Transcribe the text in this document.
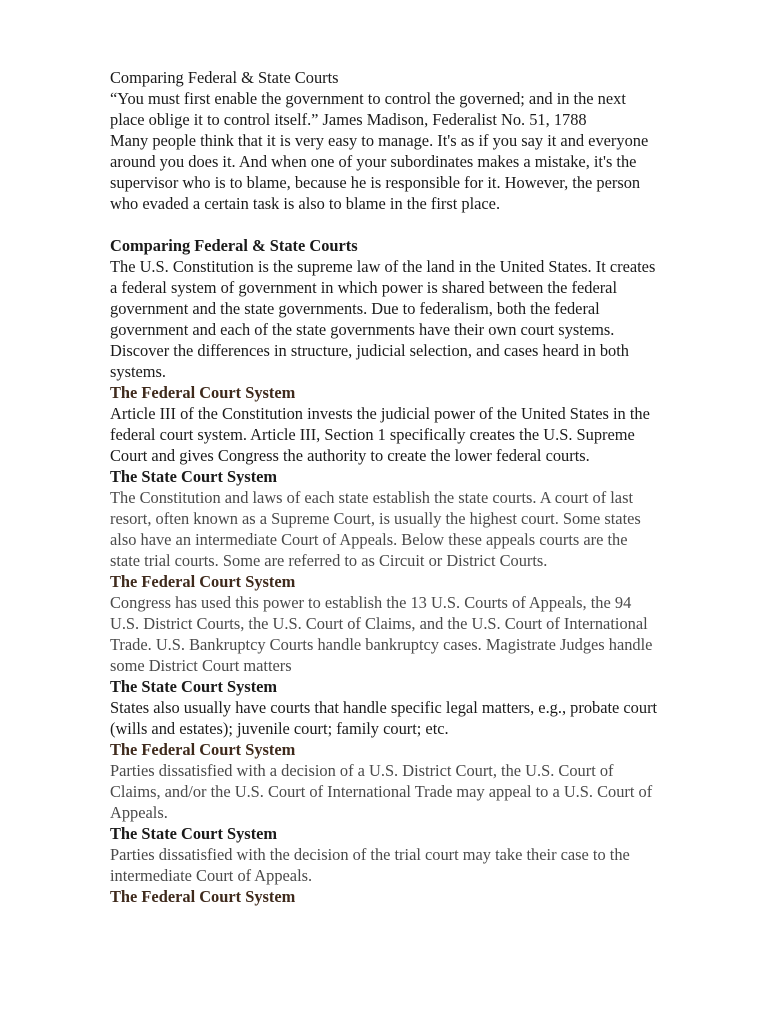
Comparing Federal & State Courts

“You must first enable the government to control the governed; and in the next
place oblige it to control itself.” James Madison, Federalist No. 51, 1788

Many people think that it is very easy to manage. It's as if you say it and everyone
around you does it. And when one of your subordinates makes a mistake, it's the
supervisor who is to blame, because he is responsible for it. However, the person
who evaded a certain task is also to blame in the first place.

Comparing Federal & State Courts

The U.S. Constitution is the supreme law of the land in the United States. It creates
a federal system of government in which power is shared between the federal
government and the state governments. Due to federalism, both the federal
government and each of the state governments have their own court systems.
Discover the differences in structure, judicial selection, and cases heard in both
systems.

The Federal Court System

Article III of the Constitution invests the judicial power of the United States in the
federal court system. Article III, Section 1 specifically creates the U.S. Supreme
Court and gives Congress the authority to create the lower federal courts.

The State Court System

The Constitution and laws of each state establish the state courts. A court of last
resort, often known as a Supreme Court, is usually the highest court. Some states
also have an intermediate Court of Appeals. Below these appeals courts are the
state trial courts. Some are referred to as Circuit or District Courts.

The Federal Court System

Congress has used this power to establish the 13 U.S. Courts of Appeals, the 94
U.S. District Courts, the U.S. Court of Claims, and the U.S. Court of International
Trade. U.S. Bankruptcy Courts handle bankruptcy cases. Magistrate Judges handle
some District Court matters

The State Court System

States also usually have courts that handle specific legal matters, e.g., probate court
(wills and estates); juvenile court; family court; etc.

The Federal Court System

Parties dissatisfied with a decision of a U.S. District Court, the U.S. Court of
Claims, and/or the U.S. Court of International Trade may appeal to a U.S. Court of
Appeals.

The State Court System

Parties dissatisfied with the decision of the trial court may take their case to the
intermediate Court of Appeals.

The Federal Court System
